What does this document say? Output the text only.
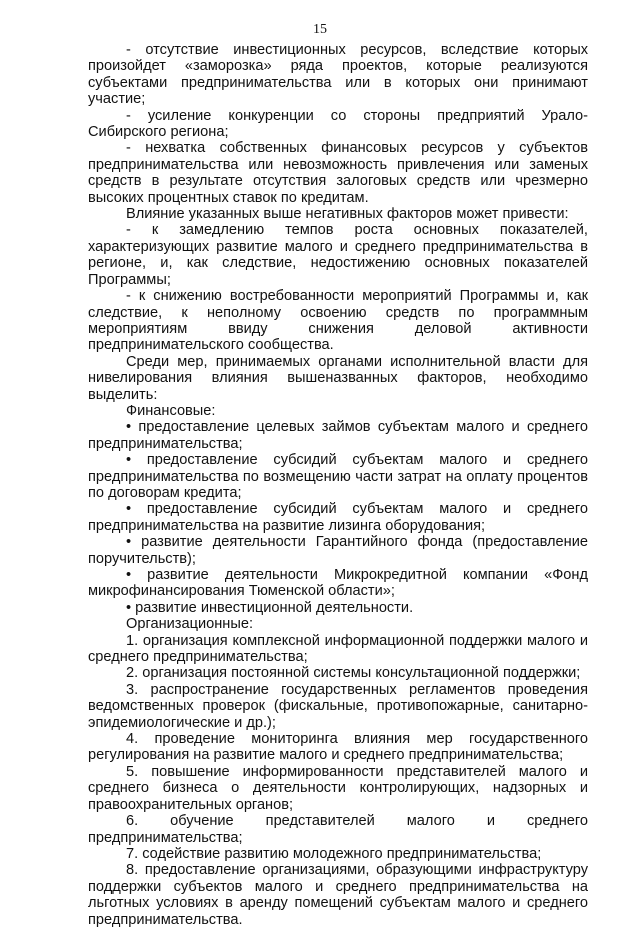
15

- отсутствие инвестиционных ресурсов, вследствие которых произойдет «заморозка» ряда проектов, которые реализуются субъектами предпринимательства или в которых они принимают участие;

- усиление конкуренции со стороны предприятий Урало-Сибирского региона;

- нехватка собственных финансовых ресурсов у субъектов предпринимательства или невозможность привлечения или заменых средств в результате отсутствия залоговых средств или чрезмерно высоких процентных ставок по кредитам.

Влияние указанных выше негативных факторов может привести:

- к замедлению темпов роста основных показателей, характеризующих развитие малого и среднего предпринимательства в регионе, и, как следствие, недостижению основных показателей Программы;

- к снижению востребованности мероприятий Программы и, как следствие, к неполному освоению средств по программным мероприятиям ввиду снижения деловой активности предпринимательского сообщества.

Среди мер, принимаемых органами исполнительной власти для нивелирования влияния вышеназванных факторов, необходимо выделить:

Финансовые:

• предоставление целевых займов субъектам малого и среднего предпринимательства;

• предоставление субсидий субъектам малого и среднего предпринимательства по возмещению части затрат на оплату процентов по договорам кредита;

• предоставление субсидий субъектам малого и среднего предпринимательства на развитие лизинга оборудования;

• развитие деятельности Гарантийного фонда (предоставление поручительств);

• развитие деятельности Микрокредитной компании «Фонд микрофинансирования Тюменской области»;

• развитие инвестиционной деятельности.

Организационные:

1. организация комплексной информационной поддержки малого и среднего предпринимательства;

2. организация постоянной системы консультационной поддержки;

3. распространение государственных регламентов проведения ведомственных проверок (фискальные, противопожарные, санитарно-эпидемиологические и др.);

4. проведение мониторинга влияния мер государственного регулирования на развитие малого и среднего предпринимательства;

5. повышение информированности представителей малого и среднего бизнеса о деятельности контролирующих, надзорных и правоохранительных органов;

6. обучение представителей малого и среднего предпринимательства;

7. содействие развитию молодежного предпринимательства;

8. предоставление организациями, образующими инфраструктуру поддержки субъектов малого и среднего предпринимательства на льготных условиях в аренду помещений субъектам малого и среднего предпринимательства.
